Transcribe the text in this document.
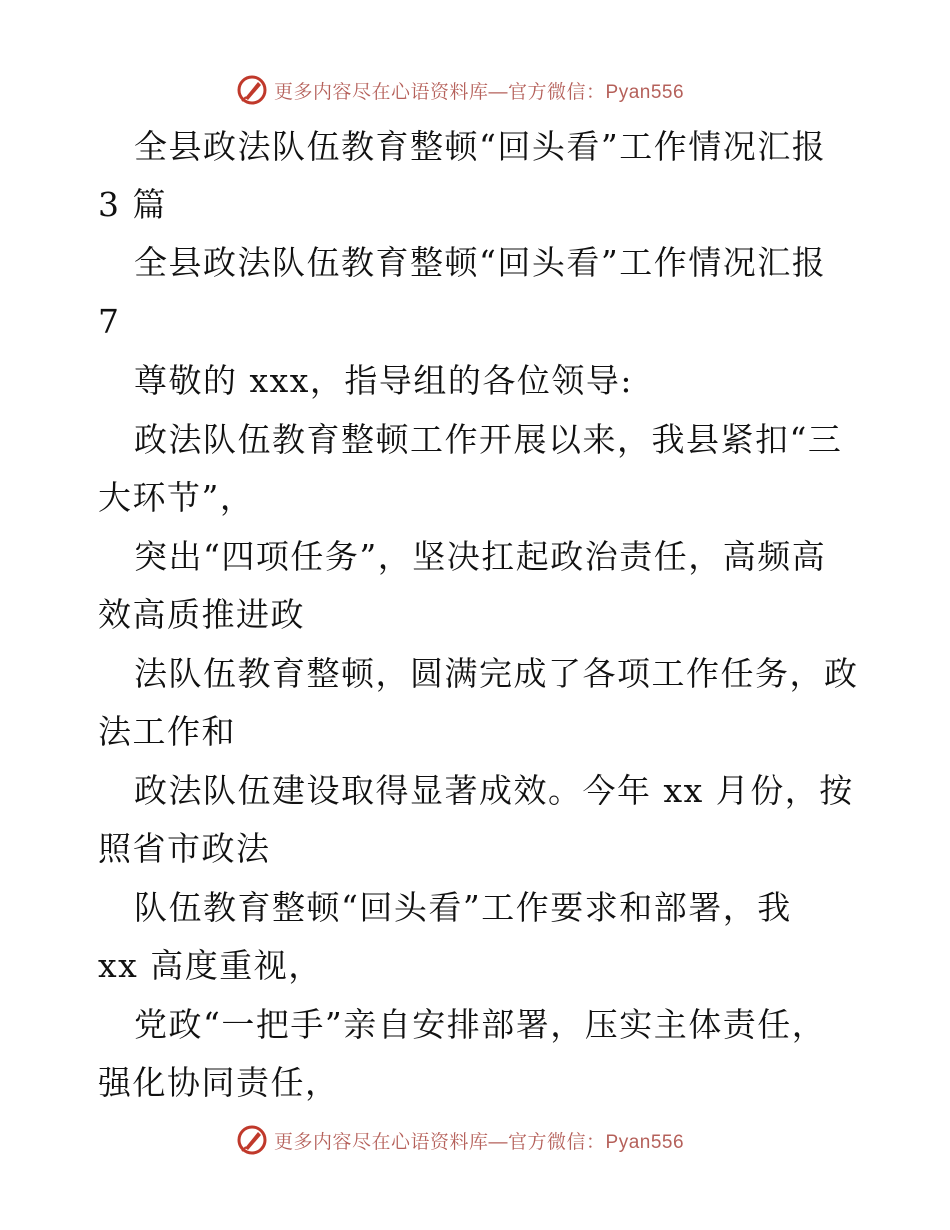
更多内容尽在心语资料库—官方微信：Pyan556
全县政法队伍教育整顿“回头看”工作情况汇报
3 篇
全县政法队伍教育整顿“回头看”工作情况汇报
7
尊敬的 xxx，指导组的各位领导:
政法队伍教育整顿工作开展以来，我县紧扣“三
大环节”，
突出“四项任务”，坚决扛起政治责任，高频高
效高质推进政
法队伍教育整顿，圆满完成了各项工作任务，政
法工作和
政法队伍建设取得显著成效。今年 xx 月份，按
照省市政法
队伍教育整顿“回头看”工作要求和部署，我
xx 高度重视，
党政“一把手”亲自安排部署，压实主体责任，
强化协同责任，
更多内容尽在心语资料库—官方微信：Pyan556
